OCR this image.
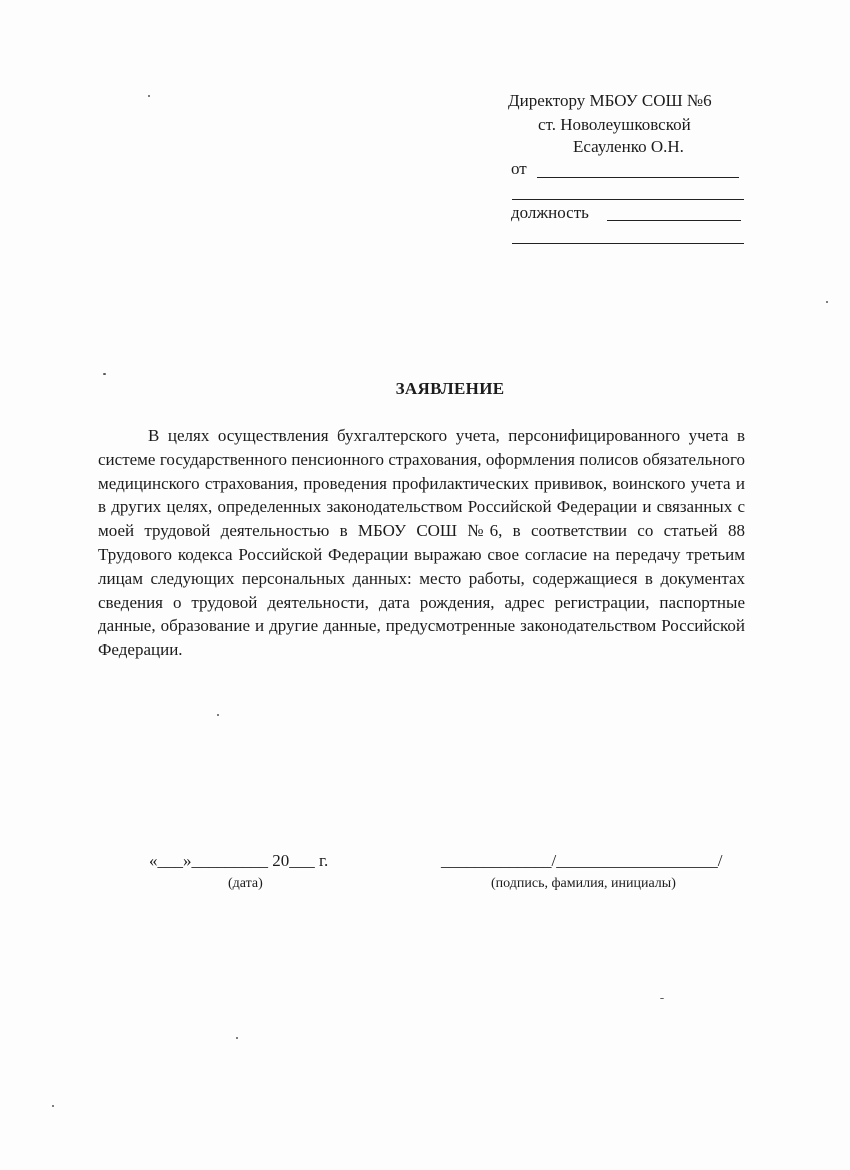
Директору МБОУ СОШ №6
ст. Новолеушковской
Есауленко О.Н.
от
должность
ЗАЯВЛЕНИЕ

В целях осуществления бухгалтерского учета, персонифицированного учета в системе государственного пенсионного страхования, оформления полисов обязательного медицинского страхования, проведения профилактических прививок, воинского учета и в других целях, определенных законодательством Российской Федерации и связанных с моей трудовой деятельностью в МБОУ СОШ №6, в соответствии со статьей 88 Трудового кодекса Российской Федерации выражаю свое согласие на передачу третьим лицам следующих персональных данных: место работы, содержащиеся в документах сведения о трудовой деятельности, дата рождения, адрес регистрации, паспортные данные, образование и другие данные, предусмотренные законодательством Российской Федерации.

«___»_________ 20___ г.
(дата)
_____________/___________________/
(подпись, фамилия, инициалы)
